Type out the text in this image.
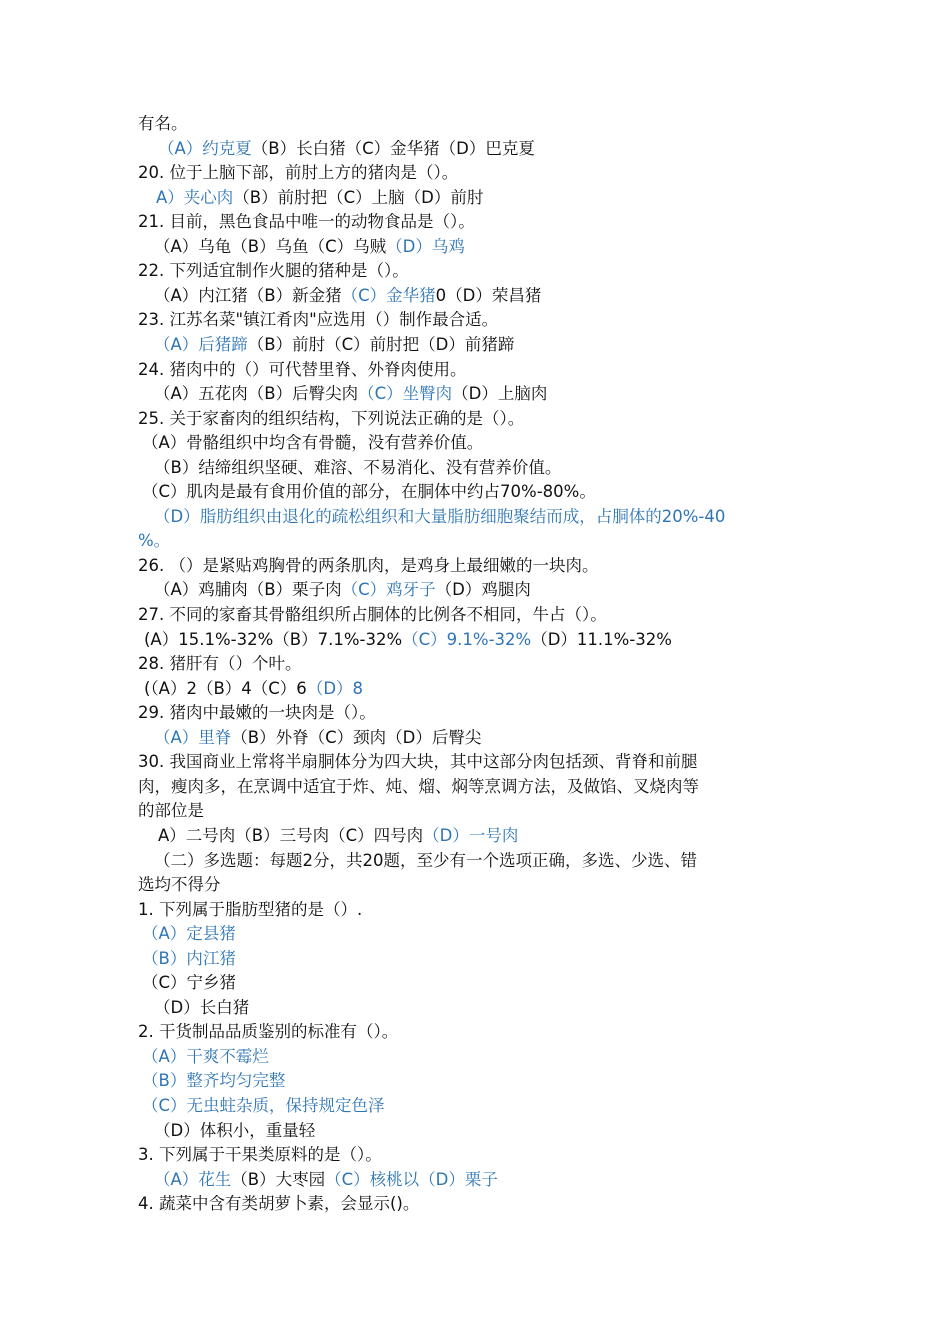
有名。
（A）约克夏（B）长白猪（C）金华猪（D）巴克夏
20. 位于上脑下部，前肘上方的猪肉是（）。
A）夹心肉（B）前肘把（C）上脑（D）前肘
21. 目前，黑色食品中唯一的动物食品是（）。
（A）乌龟（B）乌鱼（C）乌贼（D）乌鸡
22. 下列适宜制作火腿的猪种是（）。
（A）内江猪（B）新金猪（C）金华猪0（D）荣昌猪
23. 江苏名菜"镇江肴肉"应选用（）制作最合适。
（A）后猪蹄（B）前肘（C）前肘把（D）前猪蹄
24. 猪肉中的（）可代替里脊、外脊肉使用。
（A）五花肉（B）后臀尖肉（C）坐臀肉（D）上脑肉
25. 关于家畜肉的组织结构，下列说法正确的是（）。
（A）骨骼组织中均含有骨髓，没有营养价值。
（B）结缔组织坚硬、难溶、不易消化、没有营养价值。
（C）肌肉是最有食用价值的部分，在胴体中约占70%-80%。
（D）脂肪组织由退化的疏松组织和大量脂肪细胞聚结而成，占胴体的20%-40
%。
26. （）是紧贴鸡胸骨的两条肌肉，是鸡身上最细嫩的一块肉。
（A）鸡脯肉（B）栗子肉（C）鸡牙子（D）鸡腿肉
27. 不同的家畜其骨骼组织所占胴体的比例各不相同，牛占（）。
(A）15.1%-32%（B）7.1%-32%（C）9.1%-32%（D）11.1%-32%
28. 猪肝有（）个叶。
(（A）2（B）4（C）6（D）8
29. 猪肉中最嫩的一块肉是（）。
（A）里脊（B）外脊（C）颈肉（D）后臀尖
30. 我国商业上常将半扇胴体分为四大块，其中这部分肉包括颈、背脊和前腿
肉，瘦肉多，在烹调中适宜于炸、炖、熘、焖等烹调方法，及做馅、叉烧肉等
的部位是
A）二号肉（B）三号肉（C）四号肉（D）一号肉
（二）多选题：每题2分，共20题，至少有一个选项正确，多选、少选、错
选均不得分
1. 下列属于脂肪型猪的是（）.
（A）定县猪
（B）内江猪
（C）宁乡猪
（D）长白猪
2. 干货制品品质鉴别的标准有（）。
（A）干爽不霉烂
（B）整齐均匀完整
（C）无虫蛀杂质，保持规定色泽
（D）体积小，重量轻
3. 下列属于干果类原料的是（）。
（A）花生（B）大枣园（C）核桃以（D）栗子
4. 蔬菜中含有类胡萝卜素，会显示()。
